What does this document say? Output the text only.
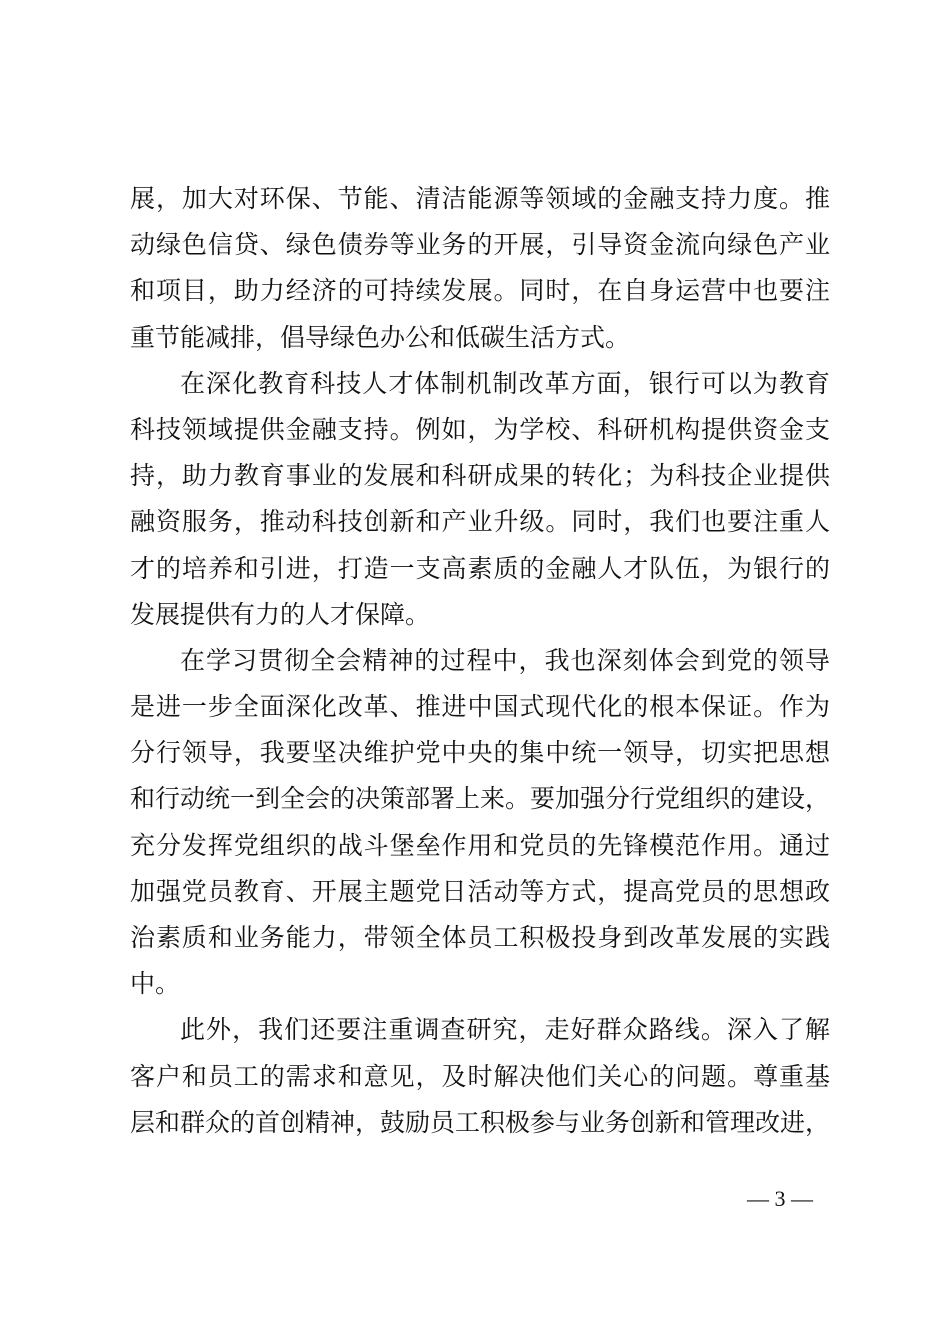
展，加大对环保、节能、清洁能源等领域的金融支持力度。推
动绿色信贷、绿色债券等业务的开展，引导资金流向绿色产业
和项目，助力经济的可持续发展。同时，在自身运营中也要注
重节能减排，倡导绿色办公和低碳生活方式。
在深化教育科技人才体制机制改革方面，银行可以为教育
科技领域提供金融支持。例如，为学校、科研机构提供资金支
持，助力教育事业的发展和科研成果的转化；为科技企业提供
融资服务，推动科技创新和产业升级。同时，我们也要注重人
才的培养和引进，打造一支高素质的金融人才队伍，为银行的
发展提供有力的人才保障。
在学习贯彻全会精神的过程中，我也深刻体会到党的领导
是进一步全面深化改革、推进中国式现代化的根本保证。作为
分行领导，我要坚决维护党中央的集中统一领导，切实把思想
和行动统一到全会的决策部署上来。要加强分行党组织的建设，
充分发挥党组织的战斗堡垒作用和党员的先锋模范作用。通过
加强党员教育、开展主题党日活动等方式，提高党员的思想政
治素质和业务能力，带领全体员工积极投身到改革发展的实践
中。
此外，我们还要注重调查研究，走好群众路线。深入了解
客户和员工的需求和意见，及时解决他们关心的问题。尊重基
层和群众的首创精神，鼓励员工积极参与业务创新和管理改进，
— 3 —
